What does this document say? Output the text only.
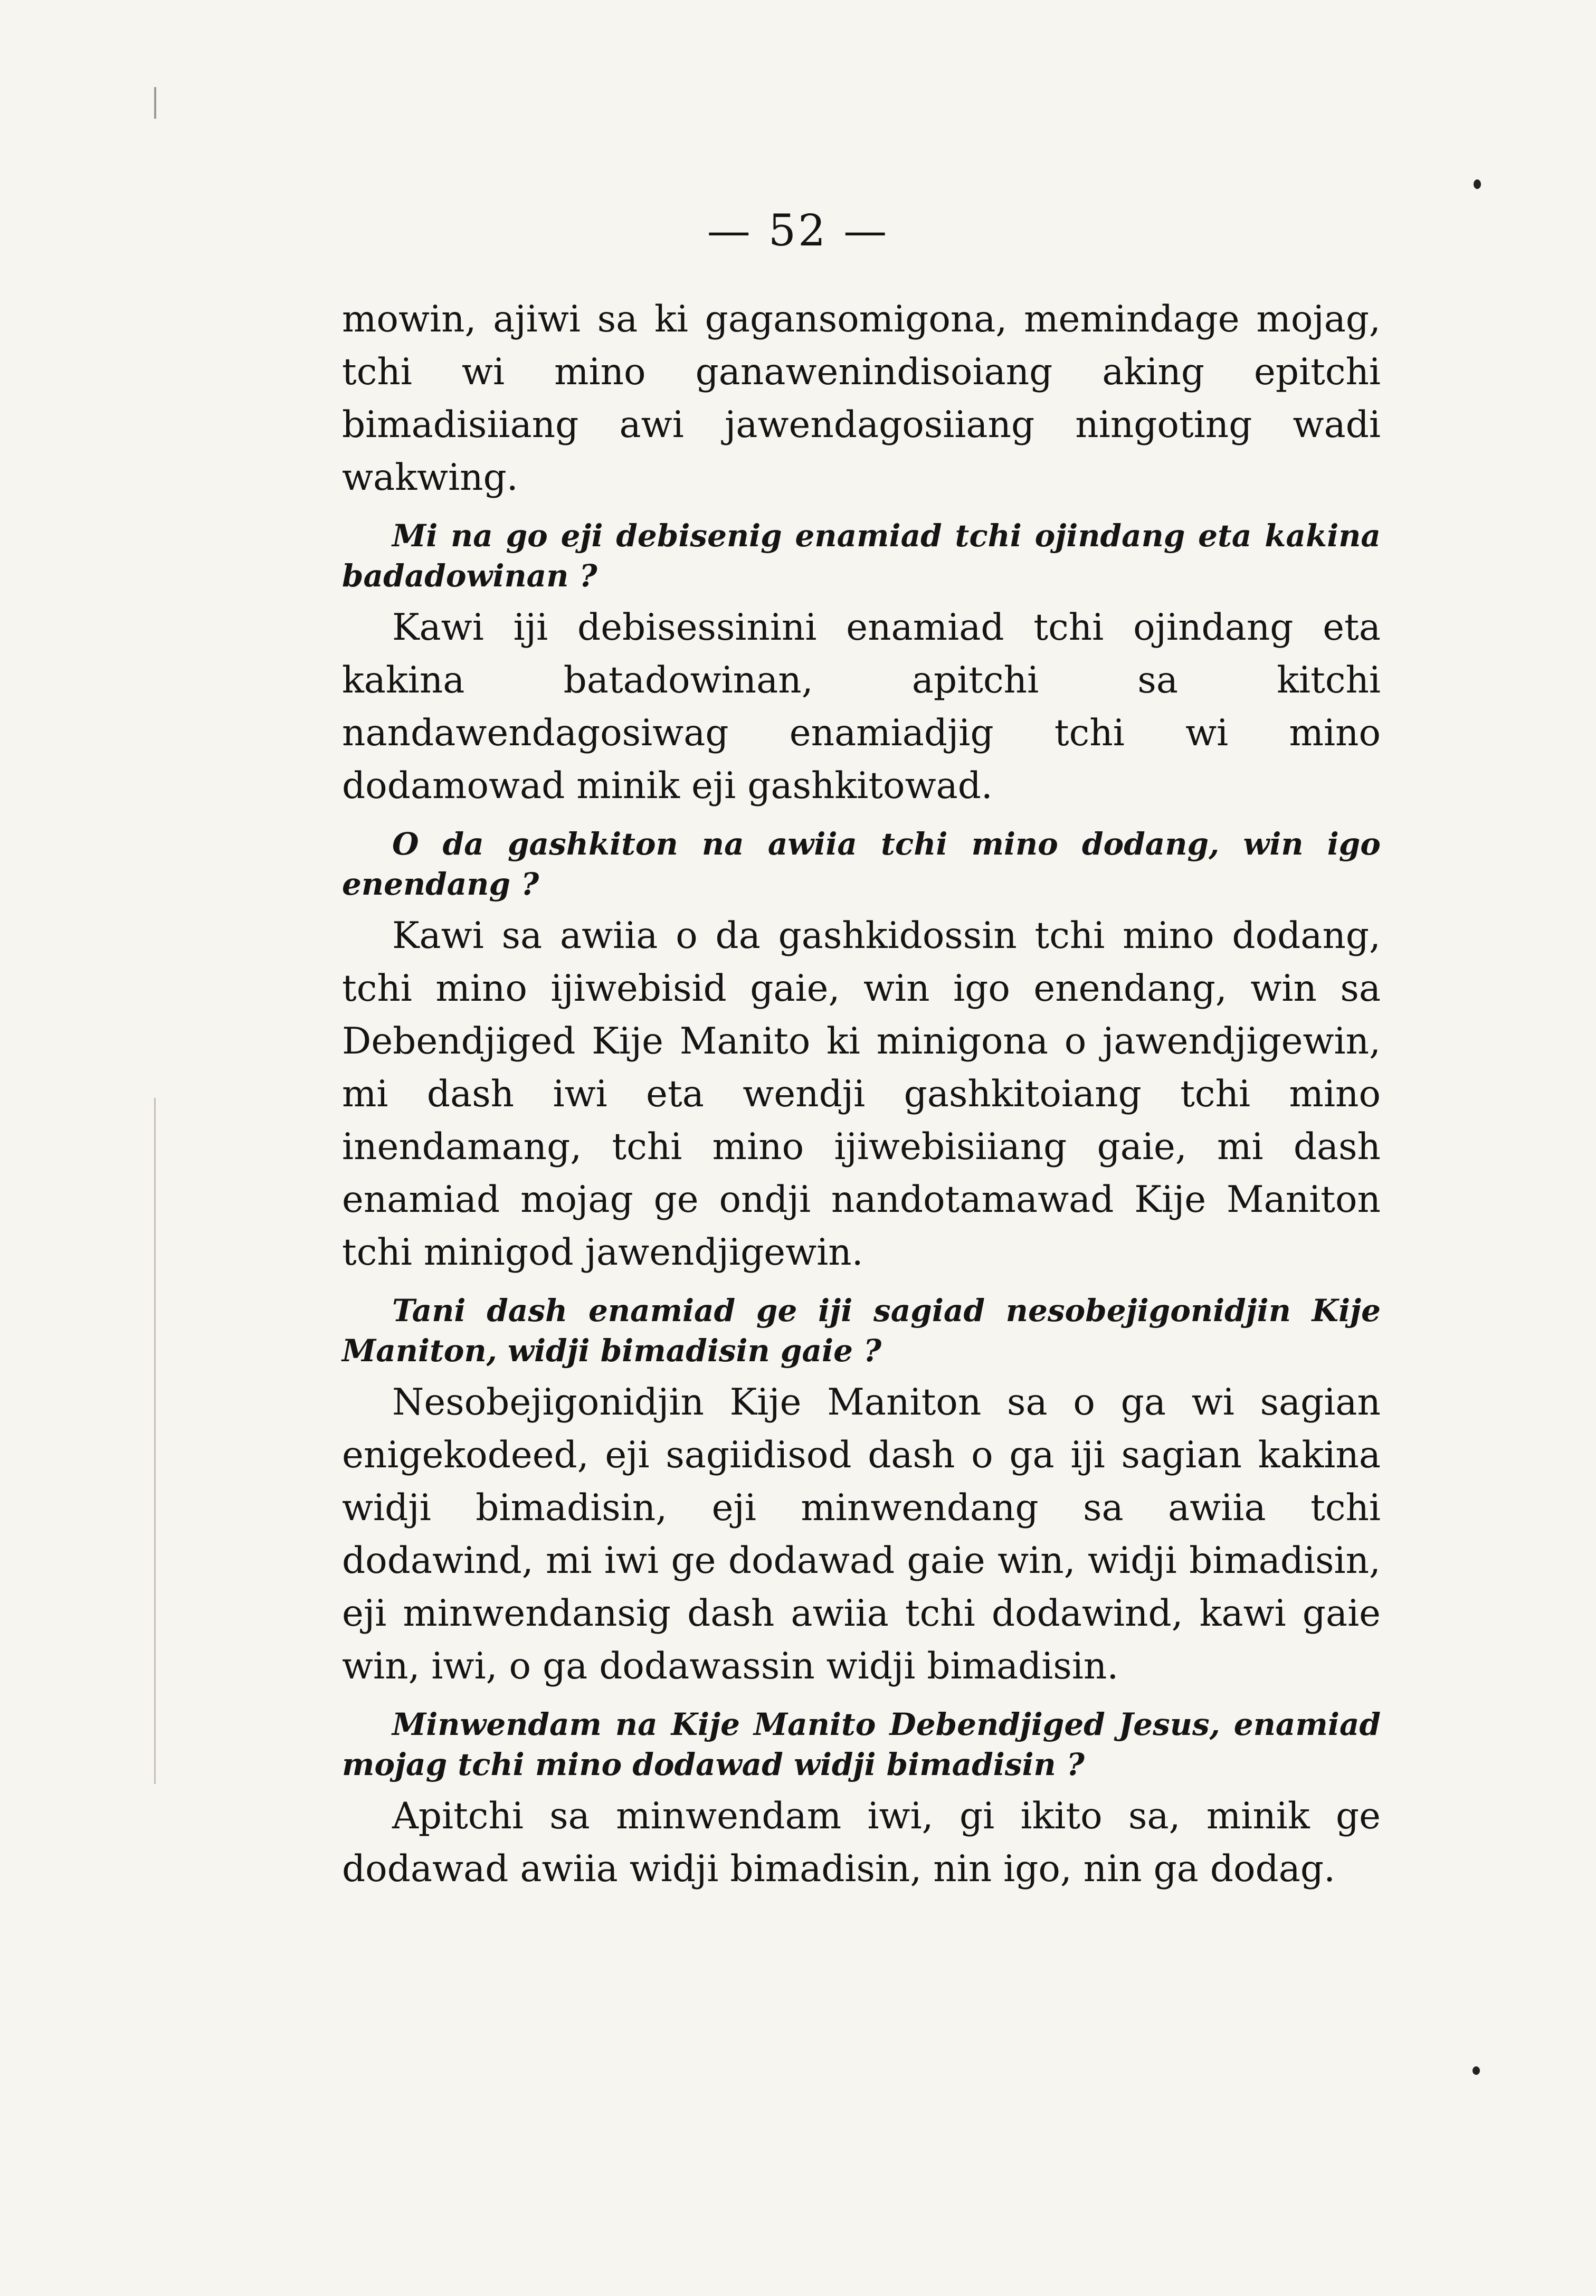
— 52 —

mowin, ajiwi sa ki gagansomigona, memindage mojag, tchi wi mino ganawenindisoiang aking epitchi bimadisiiang awi jawendagosiiang ningoting wadi wakwing.

Mi na go eji debisenig enamiad tchi ojindang eta kakina badadowinan ?

Kawi iji debisessinini enamiad tchi ojindang eta kakina batadowinan, apitchi sa kitchi nandawendagosiwag enamiadjig tchi wi mino dodamowad minik eji gashkitowad.

O da gashkiton na awiia tchi mino dodang, win igo enendang ?

Kawi sa awiia o da gashkidossin tchi mino dodang, tchi mino ijiwebisid gaie, win igo enendang, win sa Debendjiged Kije Manito ki minigona o jawendjigewin, mi dash iwi eta wendji gashkitoiang tchi mino inendamang, tchi mino ijiwebisiiang gaie, mi dash enamiad mojag ge ondji nandotamawad Kije Maniton tchi minigod jawendjigewin.

Tani dash enamiad ge iji sagiad nesobejigonidjin Kije Maniton, widji bimadisin gaie ?

Nesobejigonidjin Kije Maniton sa o ga wi sagian enigekodeed, eji sagiidisod dash o ga iji sagian kakina widji bimadisin, eji minwendang sa awiia tchi dodawind, mi iwi ge dodawad gaie win, widji bimadisin, eji minwendansig dash awiia tchi dodawind, kawi gaie win, iwi, o ga dodawassin widji bimadisin.

Minwendam na Kije Manito Debendjiged Jesus, enamiad mojag tchi mino dodawad widji bimadisin ?

Apitchi sa minwendam iwi, gi ikito sa, minik ge dodawad awiia widji bimadisin, nin igo, nin ga dodag.
